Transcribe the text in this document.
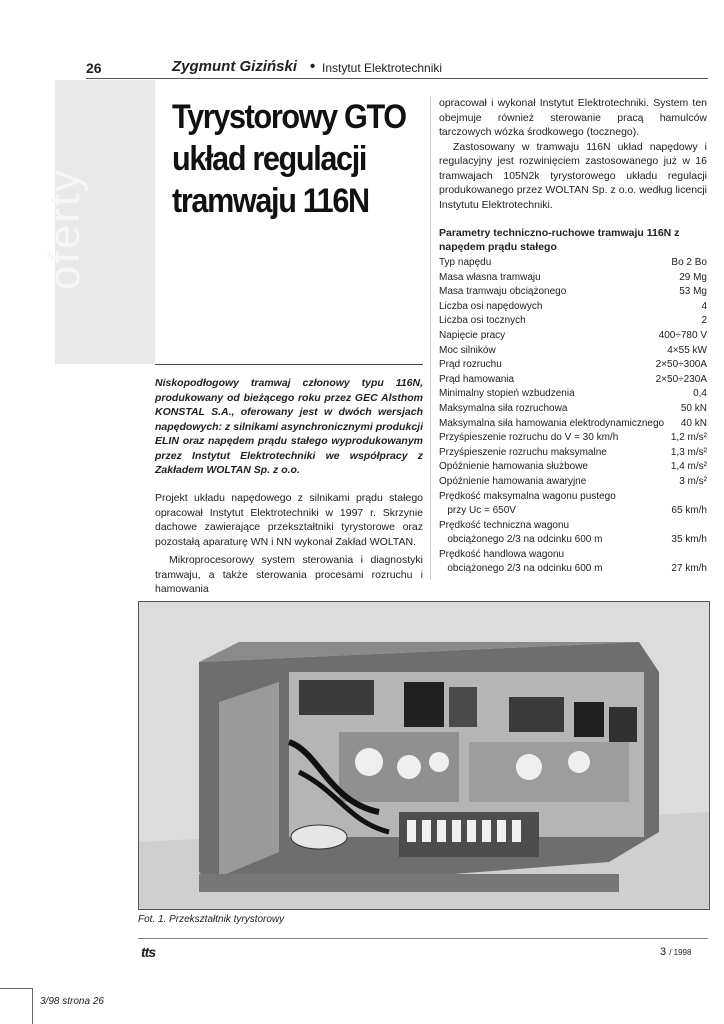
26	Zygmunt Giziński • Instytut Elektrotechniki
oferty
Tyrystorowy GTO
układ regulacji
tramwaju 116N
Niskopodłogowy tramwaj członowy typu 116N, produkowany od bieżącego roku przez GEC Alsthom KONSTAL S.A., oferowany jest w dwóch wersjach napędowych: z silnikami asynchronicznymi produkcji ELIN oraz napędem prądu stałego wyprodukowanym przez Instytut Elektrotechniki we współpracy z Zakładem WOLTAN Sp. z o.o.

Projekt układu napędowego z silnikami prądu stałego opracował Instytut Elektrotechniki w 1997 r. Skrzynie dachowe zawierające przekształtniki tyrystorowe oraz pozostałą aparaturę WN i NN wykonał Zakład WOLTAN.

Mikroprocesorowy system sterowania i diagnostyki tramwaju, a także sterowania procesami rozruchu i hamowania

opracował i wykonał Instytut Elektrotechniki. System ten obejmuje również sterowanie pracą hamulców tarczowych wózka środkowego (tocznego).

Zastosowany w tramwaju 116N układ napędowy i regulacyjny jest rozwinięciem zastosowanego już w 16 tramwajach 105N2k tyrystorowego układu regulacji produkowanego przez WOLTAN Sp. z o.o. według licencji Instytutu Elektrotechniki.

Parametry techniczno-ruchowe tramwaju 116N z napędem prądu stałego
Typ napędu	Bo 2 Bo
Masa własna tramwaju	29 Mg
Masa tramwaju obciążonego	53 Mg
Liczba osi napędowych	4
Liczba osi tocznych	2
Napięcie pracy	400÷780 V
Moc silników	4×55 kW
Prąd rozruchu	2×50÷300A
Prąd hamowania	2×50÷230A
Minimalny stopień wzbudzenia	0,4
Maksymalna siła rozruchowa	50 kN
Maksymalna siła hamowania elektrodynamicznego 40 kN
Przyśpieszenie rozruchu do V = 30 km/h	1,2 m/s²
Przyśpieszenie rozruchu maksymalne	1,3 m/s²
Opóźnienie hamowania służbowe	1,4 m/s²
Opóźnienie hamowania awaryjne	3 m/s²
Prędkość maksymalna wagonu pustego
przy Uc = 650V	65 km/h
Prędkość techniczna wagonu
obciążonego 2/3 na odcinku 600 m	35 km/h
Prędkość handlowa wagonu
obciążonego 2/3 na odcinku 600 m	27 km/h
Fot. 1. Przekształtnik tyrystorowy
tts	3 / 1998
3/98 strona 26
